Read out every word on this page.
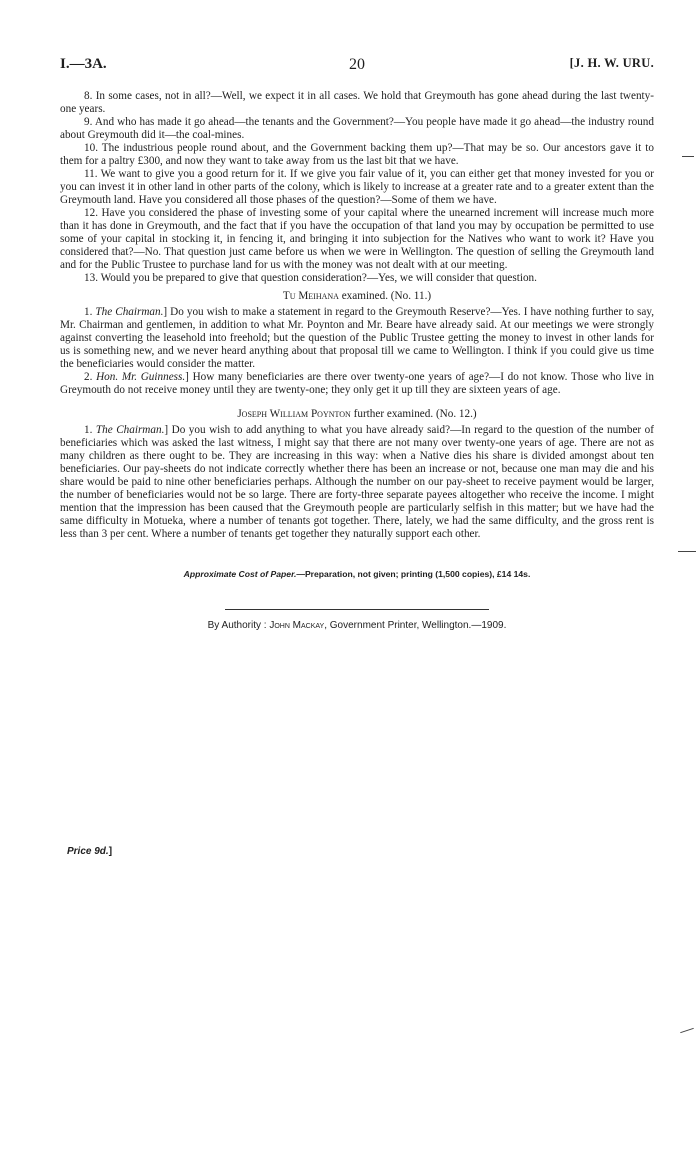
I.—3A.	20	[J. H. W. URU.

8. In some cases, not in all?—Well, we expect it in all cases. We hold that Greymouth has gone ahead during the last twenty-one years.

9. And who has made it go ahead—the tenants and the Government?—You people have made it go ahead—the industry round about Greymouth did it—the coal-mines.

10. The industrious people round about, and the Government backing them up?—That may be so. Our ancestors gave it to them for a paltry £300, and now they want to take away from us the last bit that we have.

11. We want to give you a good return for it. If we give you fair value of it, you can either get that money invested for you or you can invest it in other land in other parts of the colony, which is likely to increase at a greater rate and to a greater extent than the Greymouth land. Have you considered all those phases of the question?—Some of them we have.

12. Have you considered the phase of investing some of your capital where the unearned increment will increase much more than it has done in Greymouth, and the fact that if you have the occupation of that land you may by occupation be permitted to use some of your capital in stocking it, in fencing it, and bringing it into subjection for the Natives who want to work it? Have you considered that?—No. That question just came before us when we were in Wellington. The question of selling the Greymouth land and for the Public Trustee to purchase land for us with the money was not dealt with at our meeting.

13. Would you be prepared to give that question consideration?—Yes, we will consider that question.

Tu Meihana examined. (No. 11.)

1. The Chairman.] Do you wish to make a statement in regard to the Greymouth Reserve?—Yes. I have nothing further to say, Mr. Chairman and gentlemen, in addition to what Mr. Poynton and Mr. Beare have already said. At our meetings we were strongly against converting the leasehold into freehold; but the question of the Public Trustee getting the money to invest in other lands for us is something new, and we never heard anything about that proposal till we came to Wellington. I think if you could give us time the beneficiaries would consider the matter.

2. Hon. Mr. Guinness.] How many beneficiaries are there over twenty-one years of age?—I do not know. Those who live in Greymouth do not receive money until they are twenty-one; they only get it up till they are sixteen years of age.

Joseph William Poynton further examined. (No. 12.)

1. The Chairman.] Do you wish to add anything to what you have already said?—In regard to the question of the number of beneficiaries which was asked the last witness, I might say that there are not many over twenty-one years of age. There are not as many children as there ought to be. They are increasing in this way: when a Native dies his share is divided amongst about ten beneficiaries. Our pay-sheets do not indicate correctly whether there has been an increase or not, because one man may die and his share would be paid to nine other beneficiaries perhaps. Although the number on our pay-sheet to receive payment would be larger, the number of beneficiaries would not be so large. There are forty-three separate payees altogether who receive the income. I might mention that the impression has been caused that the Greymouth people are particularly selfish in this matter; but we have had the same difficulty in Motueka, where a number of tenants got together. There, lately, we had the same difficulty, and the gross rent is less than 3 per cent. Where a number of tenants get together they naturally support each other.

Approximate Cost of Paper.—Preparation, not given; printing (1,500 copies), £14 14s.
By Authority : John Mackay, Government Printer, Wellington.—1909.
Price 9d.]
